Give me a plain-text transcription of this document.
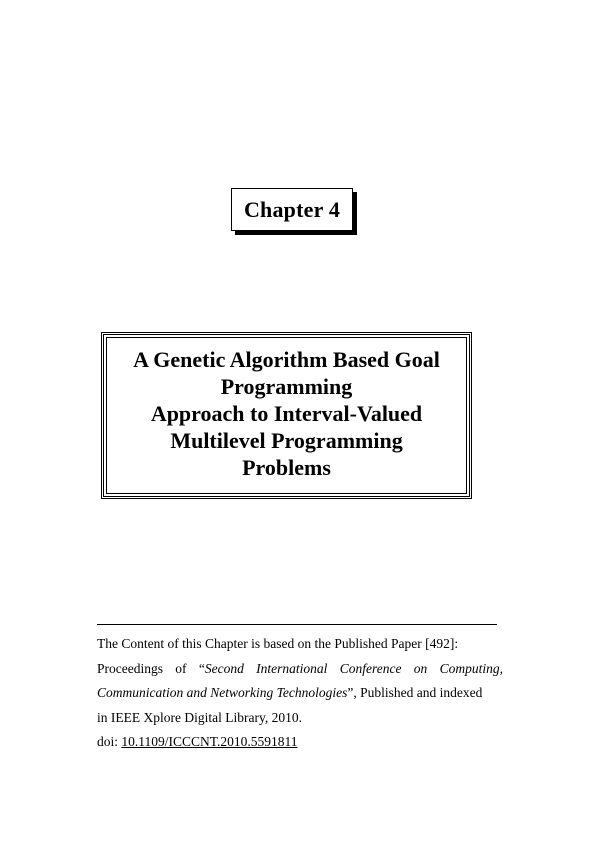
Chapter 4
A Genetic Algorithm Based Goal
Programming
Approach to Interval-Valued
Multilevel Programming
Problems
The Content of this Chapter is based on the Published Paper [492]:
Proceedings of “Second International Conference on Computing,
Communication and Networking Technologies”, Published and indexed
in IEEE Xplore Digital Library, 2010.
doi: 10.1109/ICCCNT.2010.5591811
